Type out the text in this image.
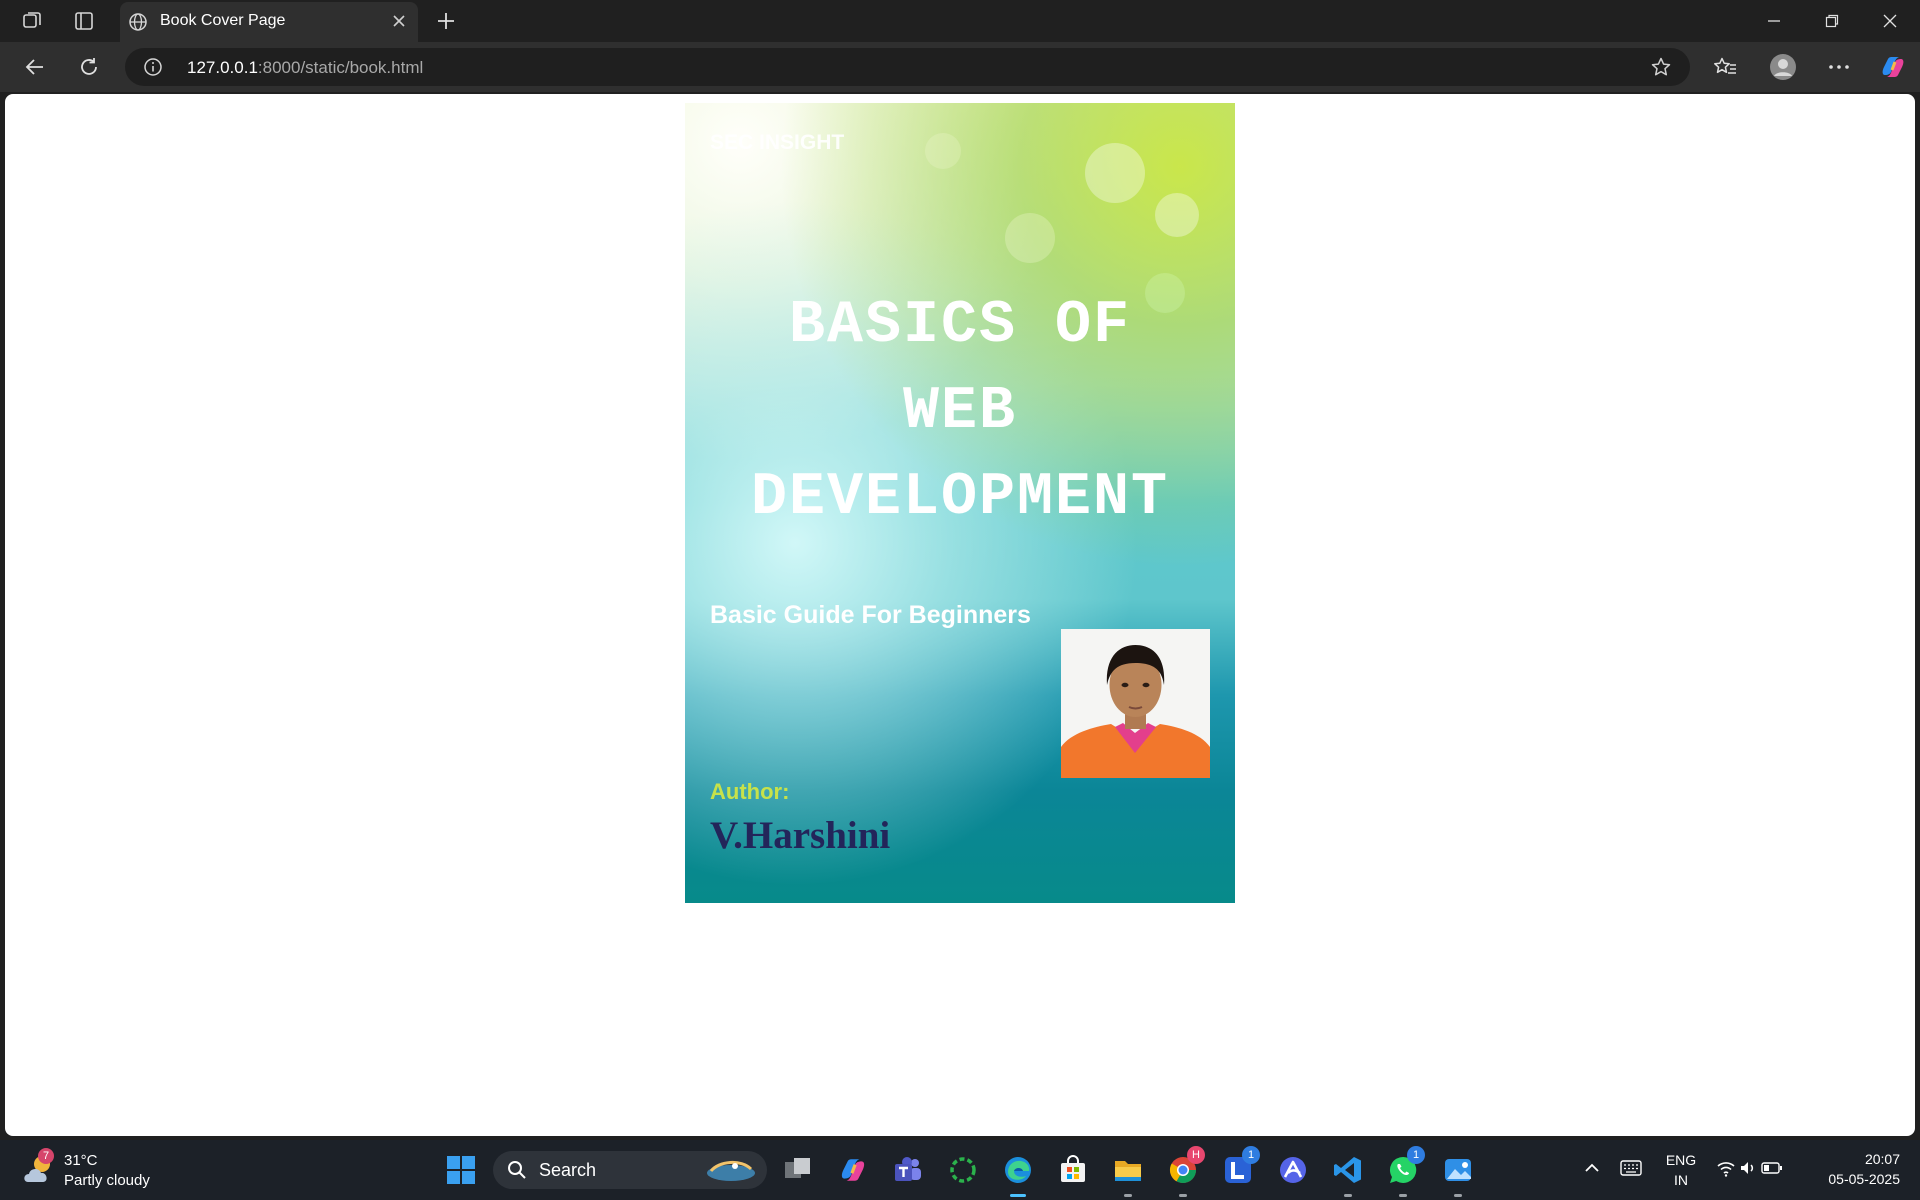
Book Cover Page
127.0.0.1:8000/static/book.html
SEC INSIGHT
BASICS OF
WEB
DEVELOPMENT
Basic Guide For Beginners
Author:
V.Harshini
7 31°C
Partly cloudy
Search
H	1	1	ENG
IN
20:07
05-05-2025
